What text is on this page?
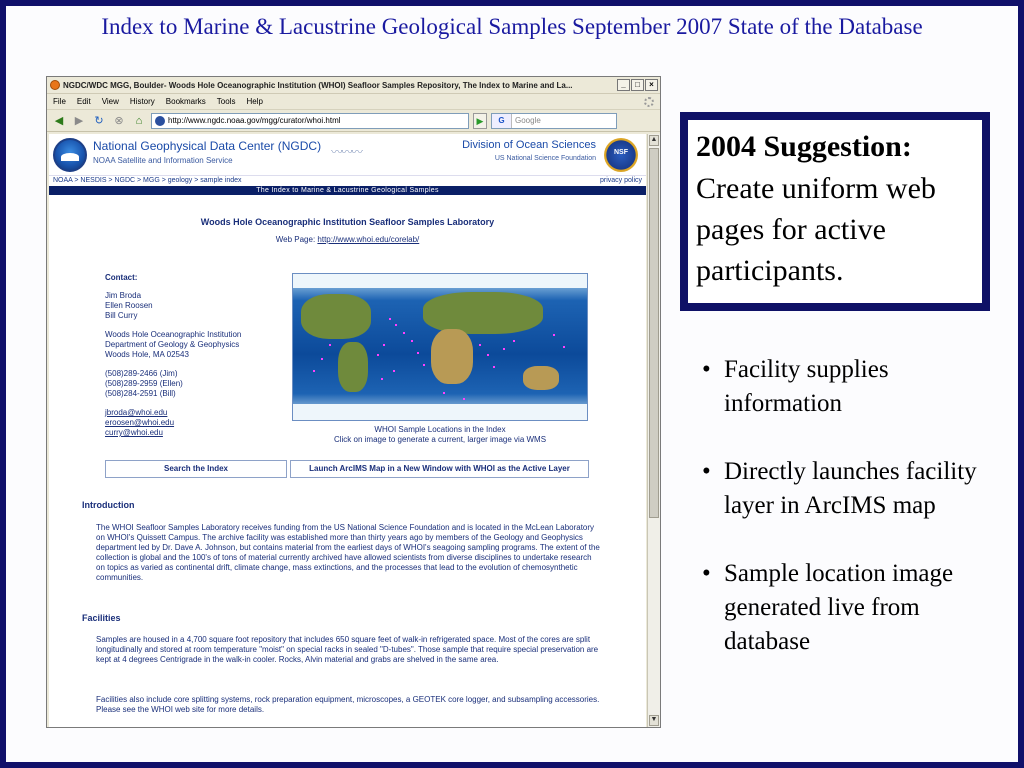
Index to Marine & Lacustrine Geological Samples September 2007 State of the Database
NGDC/WDC MGG, Boulder- Woods Hole Oceanographic Institution (WHOI) Seafloor Samples Repository, The Index to Marine and La...	_	□	×
File Edit View History Bookmarks Tools Help
◀	▶	↻ ⊗	⌂	http://www.ngdc.noaa.gov/mgg/curator/whoi.html	▶	G	Google
National Geophysical Data Center (NGDC)
NOAA Satellite and Information Service
〰〰〰	Division of Ocean Sciences
US National Science Foundation
NSF
NOAA > NESDIS > NGDC > MGG > geology > sample index	privacy policy
The Index to Marine & Lacustrine Geological Samples
Woods Hole Oceanographic Institution Seafloor Samples Laboratory
Web Page: http://www.whoi.edu/corelab/
Contact:
Jim Broda
Ellen Roosen
Bill Curry
Woods Hole Oceanographic Institution
Department of Geology & Geophysics
Woods Hole, MA 02543
(508)289-2466 (Jim)
(508)289-2959 (Ellen)
(508)284-2591 (Bill)
jbroda@whoi.edu
eroosen@whoi.edu
curry@whoi.edu	WHOI Sample Locations in the Index
Click on image to generate a current, larger image via WMS
Search the Index	Launch ArcIMS Map in a New Window with WHOI as the Active Layer
Introduction
The WHOI Seafloor Samples Laboratory receives funding from the US National Science Foundation and is located in the McLean Laboratory on WHOI's Quissett Campus. The archive facility was established more than thirty years ago by members of the Geology and Geophysics department led by Dr. Dave A. Johnson, but contains material from the earliest days of WHOI's seagoing sampling programs. The extent of the collection is global and the 100's of tons of material currently archived have allowed scientists from diverse disciplines to undertake research on topics as varied as continental drift, climate change, mass extinctions, and the processes that lead to the evolution of chemosynthetic communities.
Facilities
Samples are housed in a 4,700 square foot repository that includes 650 square feet of walk-in refrigerated space. Most of the cores are split longitudinally and stored at room temperature "moist" on special racks in sealed "D-tubes". Those sample that require special preservation are kept at 4 degrees Centrigrade in the walk-in cooler. Rocks, Alvin material and grabs are shelved in the same area.
Facilities also include core splitting systems, rock preparation equipment, microscopes, a GEOTEK core logger, and subsampling accessories. Please see the WHOI web site for more details.
▲
▼
2004 Suggestion:
Create uniform web pages for active participants.
• Facility supplies information
• Directly launches facility layer in ArcIMS map
• Sample location image generated live from database
